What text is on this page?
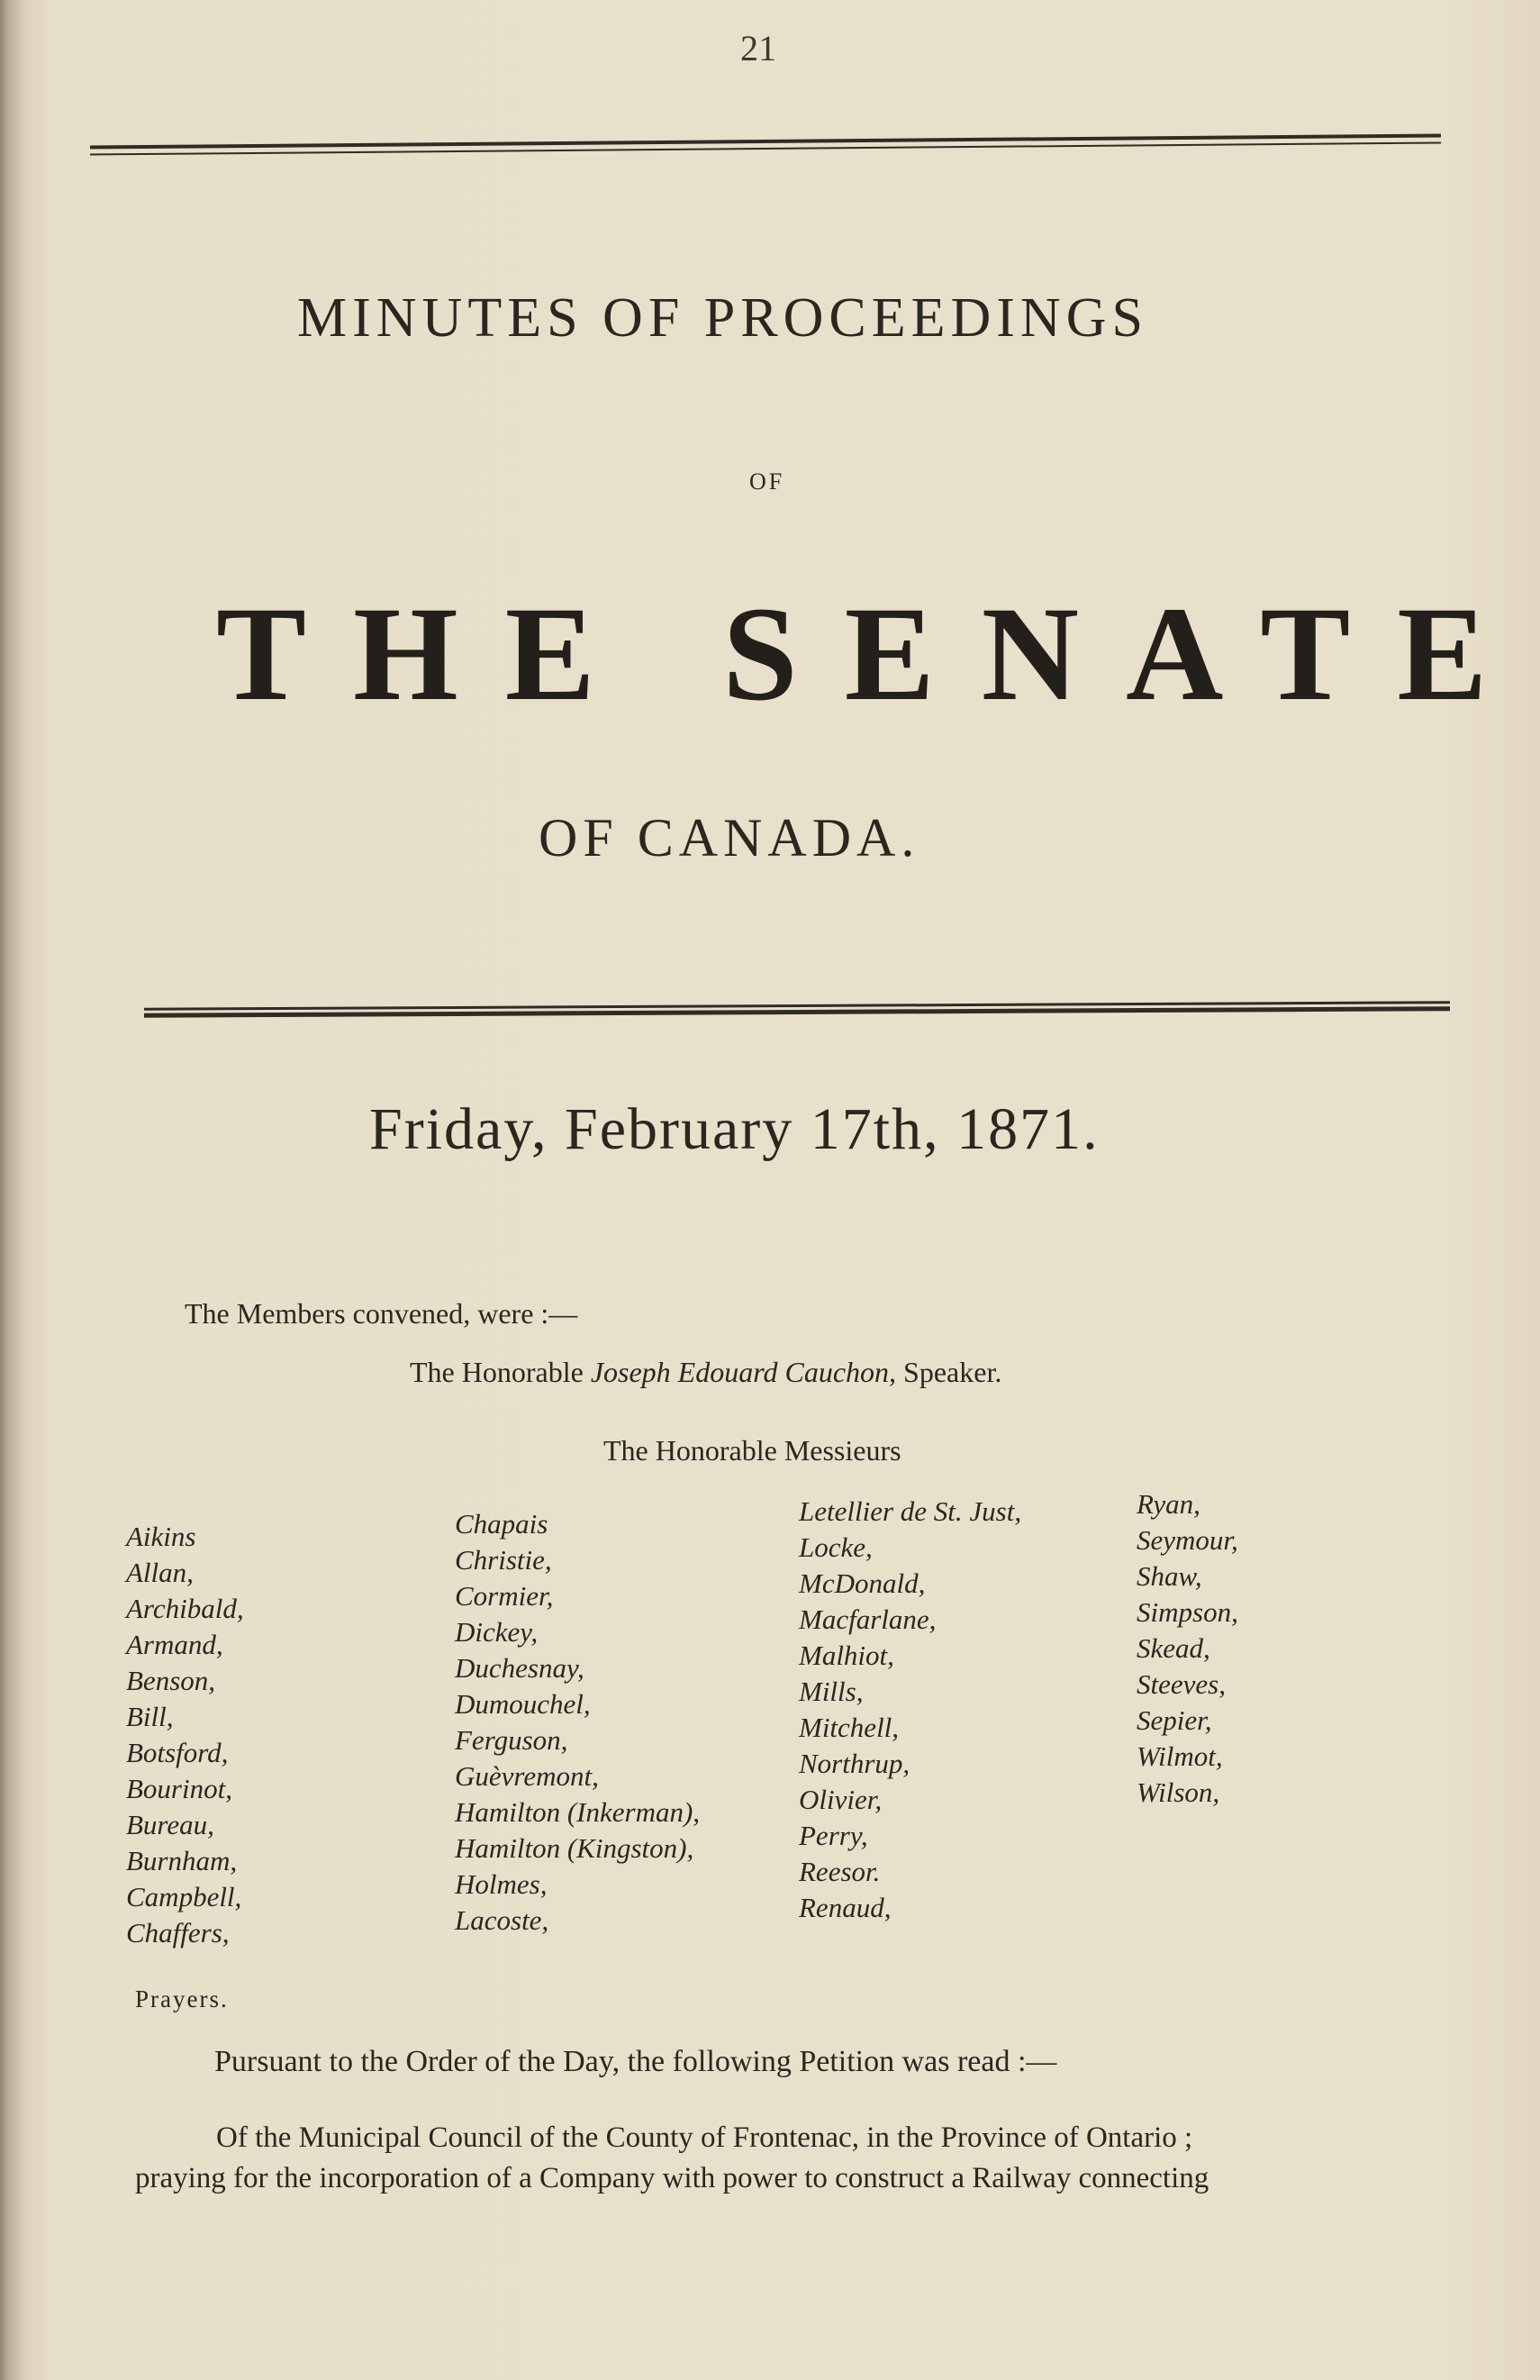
21
MINUTES OF PROCEEDINGS
OF
THE SENATE
OF CANADA.
Friday, February 17th, 1871.
The Members convened, were :—
The Honorable Joseph Edouard Cauchon, Speaker.
The Honorable Messieurs
Aikins
Allan,
Archibald,
Armand,
Benson,
Bill,
Botsford,
Bourinot,
Bureau,
Burnham,
Campbell,
Chaffers,
Chapais
Christie,
Cormier,
Dickey,
Duchesnay,
Dumouchel,
Ferguson,
Guèvremont,
Hamilton (Inkerman),
Hamilton (Kingston),
Holmes,
Lacoste,
Letellier de St. Just,
Locke,
McDonald,
Macfarlane,
Malhiot,
Mills,
Mitchell,
Northrup,
Olivier,
Perry,
Reesor.
Renaud,
Ryan,
Seymour,
Shaw,
Simpson,
Skead,
Steeves,
Sepier,
Wilmot,
Wilson,
Prayers.
Pursuant to the Order of the Day, the following Petition was read :—
Of the Municipal Council of the County of Frontenac, in the Province of Ontario ;
praying for the incorporation of a Company with power to construct a Railway connecting
